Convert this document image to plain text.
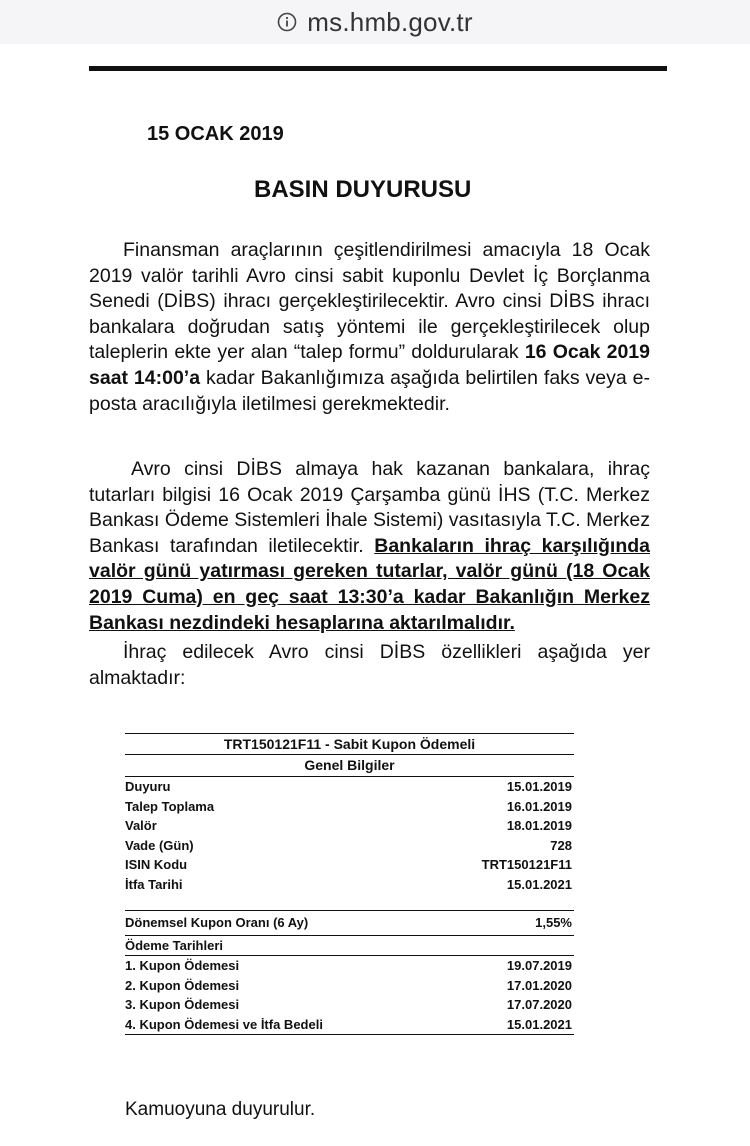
ms.hmb.gov.tr
15 OCAK 2019
BASIN DUYURUSU
Finansman araçlarının çeşitlendirilmesi amacıyla 18 Ocak 2019 valör tarihli Avro cinsi sabit kuponlu Devlet İç Borçlanma Senedi (DİBS) ihracı gerçekleştirilecektir. Avro cinsi DİBS ihracı bankalara doğrudan satış yöntemi ile gerçekleştirilecek olup taleplerin ekte yer alan “talep formu” doldurularak 16 Ocak 2019 saat 14:00’a kadar Bakanlığımıza aşağıda belirtilen faks veya e-posta aracılığıyla iletilmesi gerekmektedir.
Avro cinsi DİBS almaya hak kazanan bankalara, ihraç tutarları bilgisi 16 Ocak 2019 Çarşamba günü İHS (T.C. Merkez Bankası Ödeme Sistemleri İhale Sistemi) vasıtasıyla T.C. Merkez Bankası tarafından iletilecektir. Bankaların ihraç karşılığında valör günü yatırması gereken tutarlar, valör günü (18 Ocak 2019 Cuma) en geç saat 13:30’a kadar Bakanlığın Merkez Bankası nezdindeki hesaplarına aktarılmalıdır.
İhraç edilecek Avro cinsi DİBS özellikleri aşağıda yer almaktadır:
TRT150121F11 - Sabit Kupon Ödemeli
Genel Bilgiler
Duyuru	15.01.2019
Talep Toplama	16.01.2019
Valör	18.01.2019
Vade (Gün)	728
ISIN Kodu	TRT150121F11
İtfa Tarihi	15.01.2021
Dönemsel Kupon Oranı (6 Ay)	1,55%
Ödeme Tarihleri
1. Kupon Ödemesi	19.07.2019
2. Kupon Ödemesi	17.01.2020
3. Kupon Ödemesi	17.07.2020
4. Kupon Ödemesi ve İtfa Bedeli	15.01.2021
Kamuoyuna duyurulur.
